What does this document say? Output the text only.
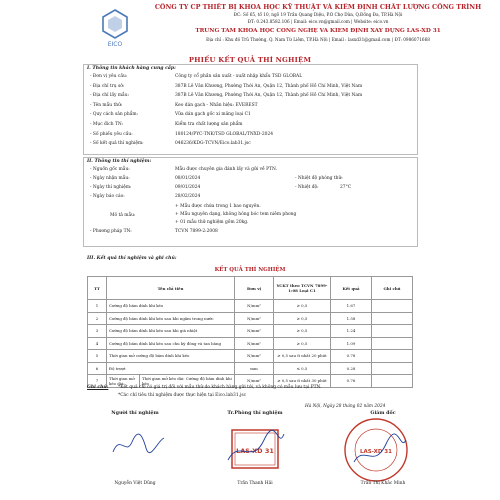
EICO
CÔNG TY CP THIẾT BỊ KHOA HỌC KỸ THUẬT VÀ KIỂM ĐỊNH CHẤT LƯỢNG CÔNG TRÌNH
ĐC: Số 65, tổ 10, ngõ 19 Trần Quang Diệu, P.Ô Chợ Dừa, Q.Đống Đa, TP.Hà Nội
ĐT: 0.243.8582.106 | Email: eico.vn@gmail.com | Website: eico.vn
TRUNG TÂM KHOA HỌC CÔNG NGHỆ VÀ KIỂM ĐỊNH XÂY DỰNG LAS-XD 31
Địa chỉ : Khu đô Trũ Thường, Q. Nam Từ Liêm, TP.Hà Nội | Email : lasxd31@gmail.com | ĐT: 0986071668
PHIẾU KẾT QUẢ THÍ NGHIỆM
I. Thông tin khách hàng cung cấp:
- Đơn vị yêu cầu:	Công ty cổ phần sản xuất - xuất nhập khẩu TSD GLOBAL
- Địa chỉ trụ sở:	387B Lê Văn Khương, Phường Thới An, Quận 12, Thành phố Hồ Chí Minh, Việt Nam
- Địa chỉ lấy mẫu:	387B Lê Văn Khương, Phường Thới An, Quận 12, Thành phố Hồ Chí Minh, Việt Nam
- Tên mẫu thử:	Keo dán gạch - Nhãn hiệu: EVEREST
- Quy cách sản phẩm:	Vữa dán gạch gốc xi măng loại C1
- Mục đích TN:	Kiểm tra chất lượng sản phẩm
- Số phiếu yêu cầu:	180124/PYC-TNK/TSD GLOBAL/TNXD-2024
- Số kết quả thí nghiệm:	046236/KDG-TCVN/Eico.lab31.jsc
II. Thông tin thí nghiệm:
- Nguồn gốc mẫu:	Mẫu được chuyên gia đánh lấy và gửi về PTN.
- Ngày nhận mẫu:	08/01/2024	- Nhiệt độ phòng thử:
- Ngày thí nghiệm:	09/01/2024	- Nhiệt độ:	27°C
- Ngày báo cáo:	28/02/2024
Mô tả mẫu:
+ Mẫu được chứa trong 1 bao nguyên.
+ Mẫu nguyên dạng, không hóng bóc tem niêm phong
+ 01 mẫu thử nghiệm gồm 20kg.
- Phương pháp TN:	TCVN 7899-2:2008
III. Kết quả thí nghiệm và ghi chú:
KẾT QUẢ THÍ NGHIỆM
TT	Tên chỉ tiêu		Đơn vị	YCKT theo TCVN 7899-1:08 Loại C1	Kết quả	Ghi chú
1	Cường độ bám dính khi kéo		N/mm²	≥ 0,5	1.67	
2	Cường độ bám dính khi kéo sau khi ngâm trong nước		N/mm²	≥ 0,5	1.58	
3	Cường độ bám dính khi kéo sau khi già nhiệt		N/mm²	≥ 0,5	1.24	
4	Cường độ bám dính khi kéo sau chu kỳ đóng và tan băng		N/mm²	≥ 0,5	1.09	
5	Thời gian mở cường độ bám dính khi kéo		N/mm²	≥ 0,5 sau ít nhất 20 phút	0.78	
6	Độ trượt		mm	≤ 0,5	0.28	
7	Thời gian mở kéo dài:	Thời gian mở kéo dài: Cường độ bám dính khi kéo	N/mm²	≥ 0,5 sau ít nhất 30 phút	0.76	
Ghi chú: *Kết quả chỉ có giá trị đối với mẫu thử do khách hàng gửi tới, và không có mẫu lưu tại PTN.
*Các chỉ tiêu thí nghiệm được thực hiện tại Eico.lab31.jsc
Hà Nội, Ngày 28 tháng 02 năm 2024
Người thí nghiệm	Tr.Phòng thí nghiệm	Giám đốc
LAS-XD 31	LAS-XD 31
Nguyễn Việt Dũng	Trần Thanh Hải	Trần Thị Khắc Minh
